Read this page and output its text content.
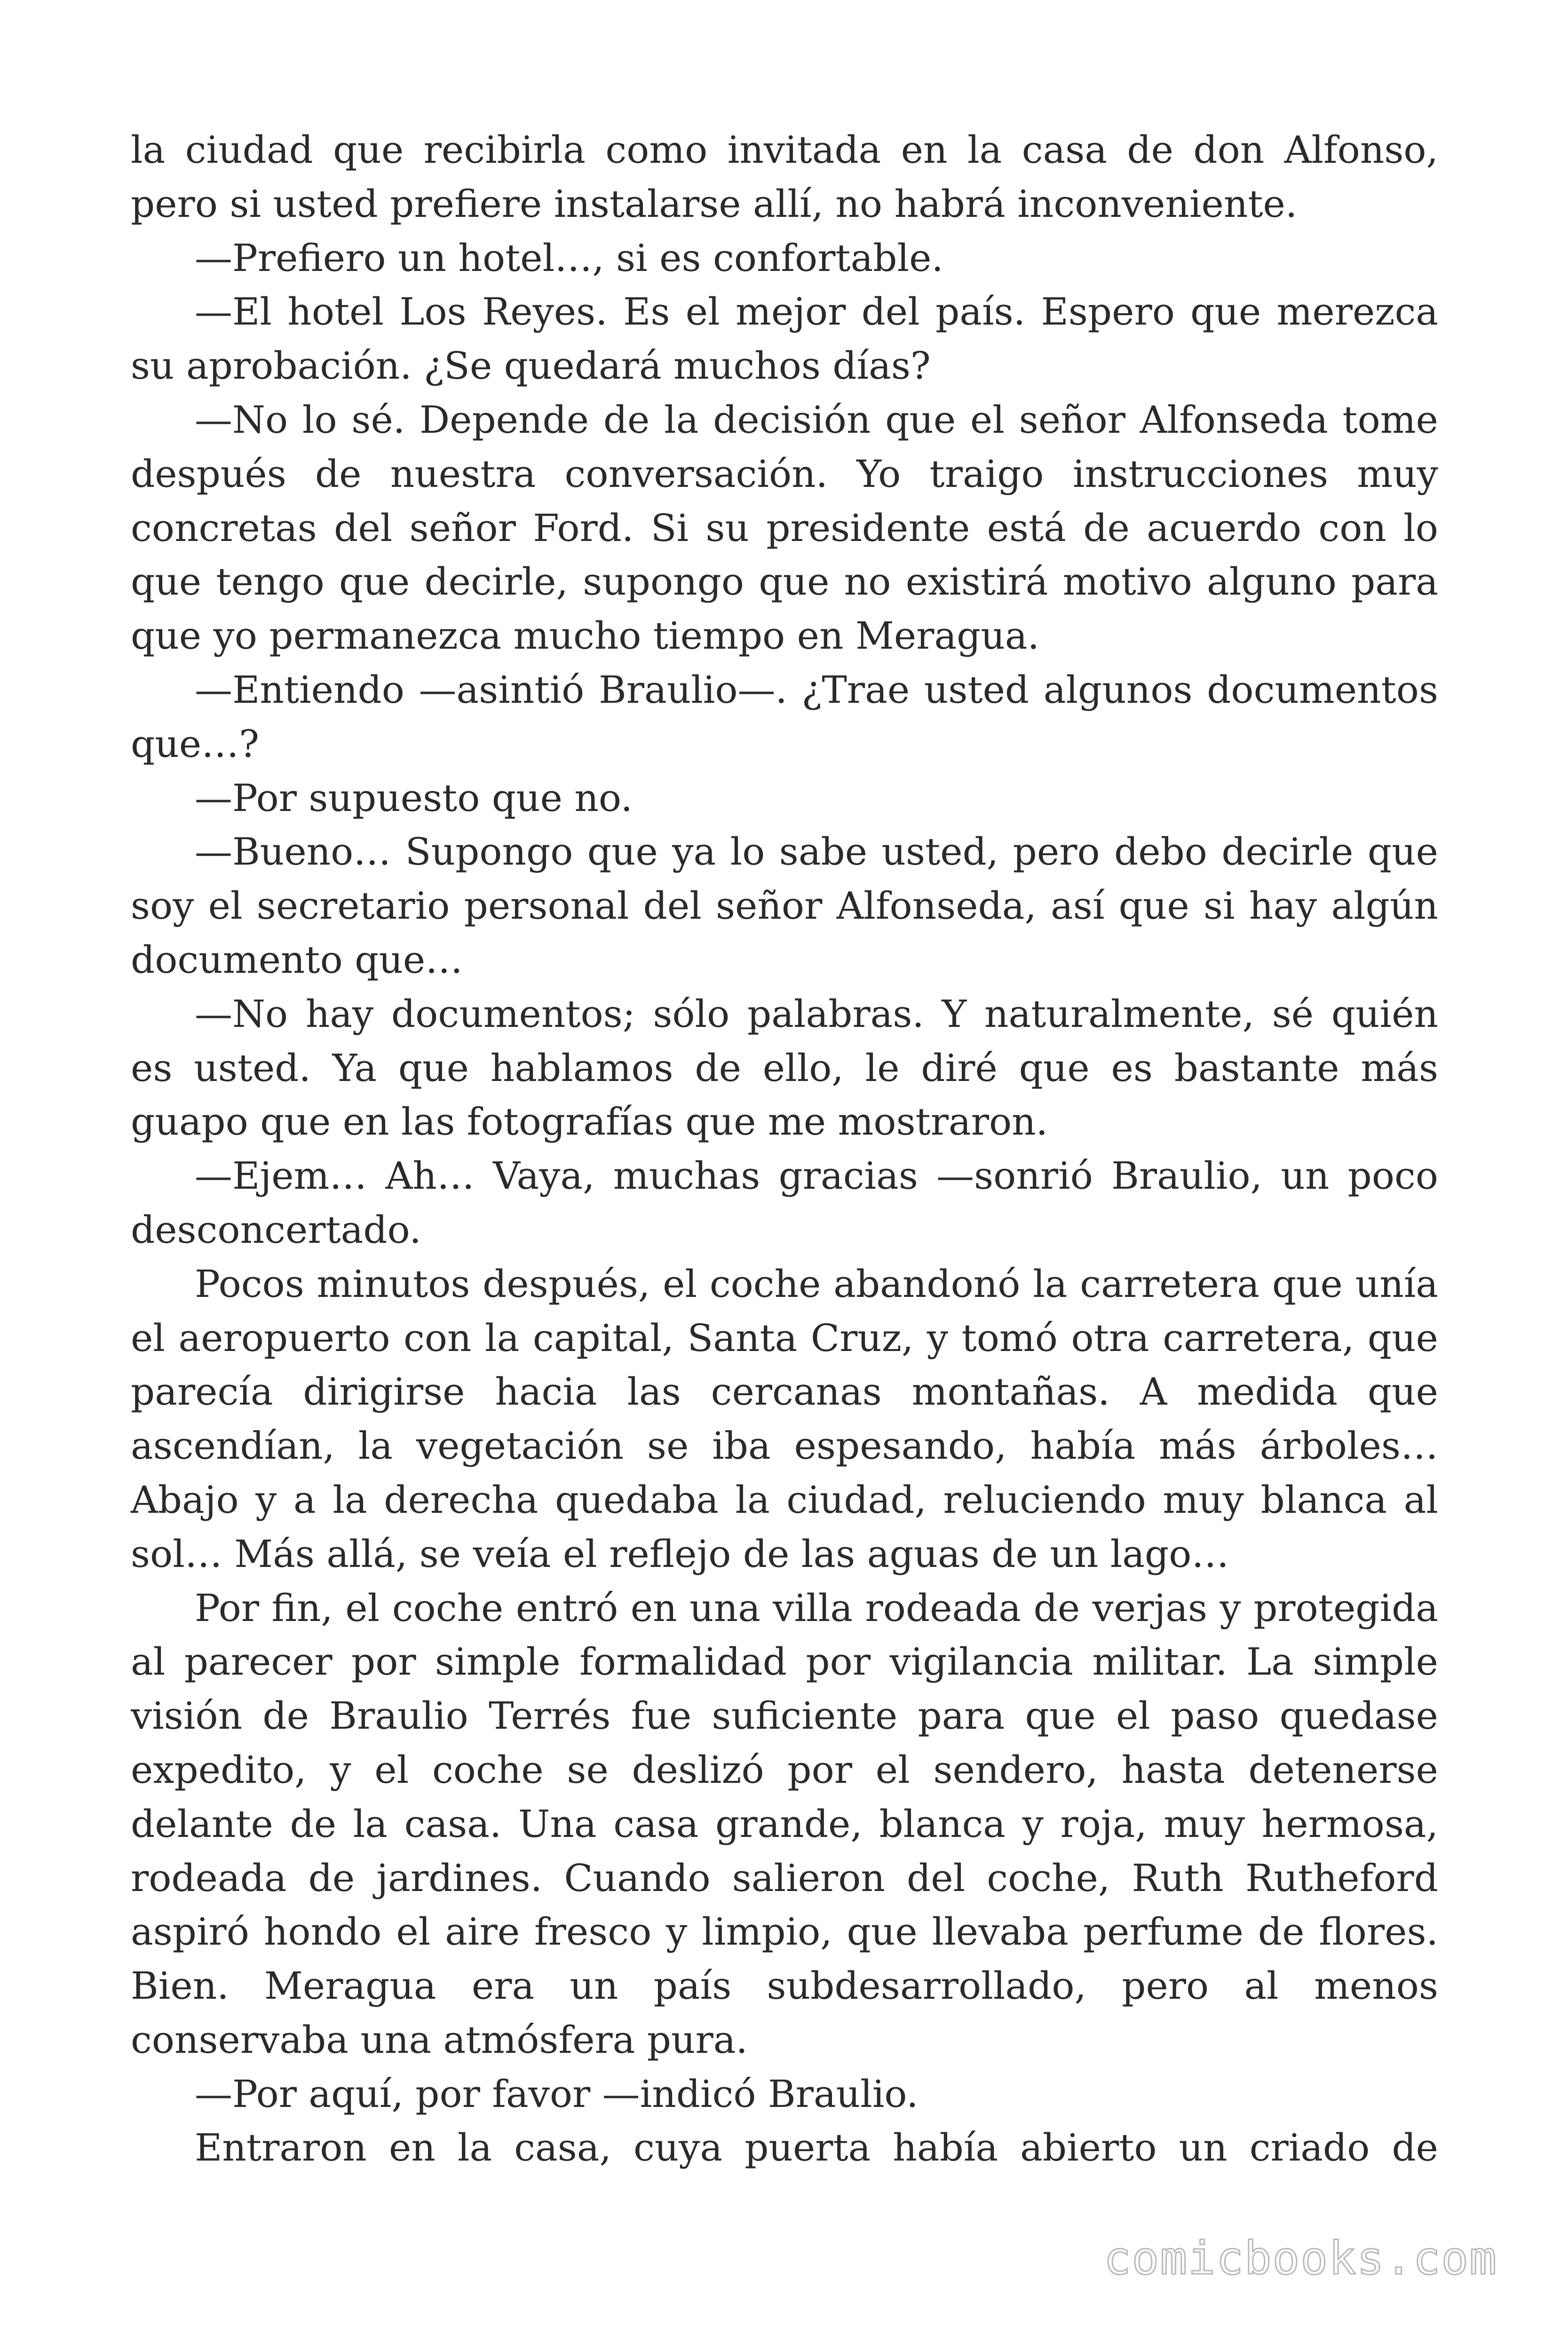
la ciudad que recibirla como invitada en la casa de don Alfonso, pero si usted prefiere instalarse allí, no habrá inconveniente.

—Prefiero un hotel…, si es confortable.

—El hotel Los Reyes. Es el mejor del país. Espero que merezca su aprobación. ¿Se quedará muchos días?

—No lo sé. Depende de la decisión que el señor Alfonseda tome después de nuestra conversación. Yo traigo instrucciones muy concretas del señor Ford. Si su presidente está de acuerdo con lo que tengo que decirle, supongo que no existirá motivo alguno para que yo permanezca mucho tiempo en Meragua.

—Entiendo —asintió Braulio—. ¿Trae usted algunos documentos que…?

—Por supuesto que no.

—Bueno… Supongo que ya lo sabe usted, pero debo decirle que soy el secretario personal del señor Alfonseda, así que si hay algún documento que…

—No hay documentos; sólo palabras. Y naturalmente, sé quién es usted. Ya que hablamos de ello, le diré que es bastante más guapo que en las fotografías que me mostraron.

—Ejem… Ah… Vaya, muchas gracias —sonrió Braulio, un poco desconcertado.

Pocos minutos después, el coche abandonó la carretera que unía el aeropuerto con la capital, Santa Cruz, y tomó otra carretera, que parecía dirigirse hacia las cercanas montañas. A medida que ascendían, la vegetación se iba espesando, había más árboles… Abajo y a la derecha quedaba la ciudad, reluciendo muy blanca al sol… Más allá, se veía el reflejo de las aguas de un lago…

Por fin, el coche entró en una villa rodeada de verjas y protegida al parecer por simple formalidad por vigilancia militar. La simple visión de Braulio Terrés fue suficiente para que el paso quedase expedito, y el coche se deslizó por el sendero, hasta detenerse delante de la casa. Una casa grande, blanca y roja, muy hermosa, rodeada de jardines. Cuando salieron del coche, Ruth Rutheford aspiró hondo el aire fresco y limpio, que llevaba perfume de flores. Bien. Meragua era un país subdesarrollado, pero al menos conservaba una atmósfera pura.

—Por aquí, por favor —indicó Braulio.

Entraron en la casa, cuya puerta había abierto un criado de

comicbooks.com
